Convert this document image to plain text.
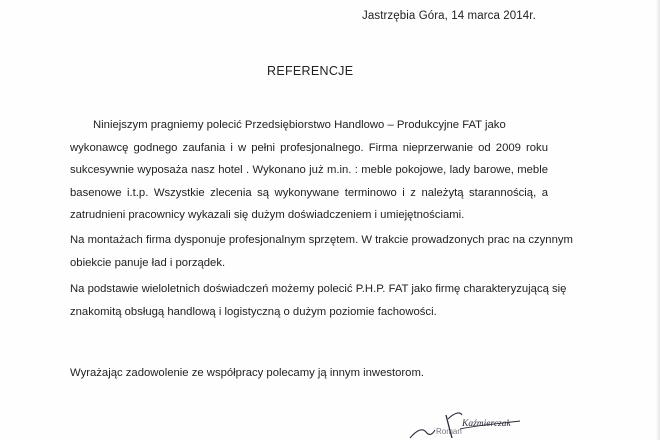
Jastrzębia Góra, 14 marca 2014r.
REFERENCJE
Niniejszym pragniemy polecić Przedsiębiorstwo Handlowo – Produkcyjne FAT jako
wykonawcę godnego zaufania i w pełni profesjonalnego. Firma nieprzerwanie od 2009 roku
sukcesywnie wyposaża nasz hotel . Wykonano już m.in. : meble pokojowe, lady barowe, meble
basenowe i.t.p. Wszystkie zlecenia są wykonywane terminowo i z należytą starannością, a
zatrudnieni pracownicy wykazali się dużym doświadczeniem i umiejętnościami.
Na montażach firma dysponuje profesjonalnym sprzętem. W trakcie prowadzonych prac na czynnym
obiekcie panuje ład i porządek.
Na podstawie wieloletnich doświadczeń możemy polecić P.H.P. FAT jako firmę charakteryzującą się
znakomitą obsługą handlową i logistyczną o dużym poziomie fachowości.
Wyrażając zadowolenie ze współpracy polecamy ją innym inwestorom.
Roman
Kaźmierczak
